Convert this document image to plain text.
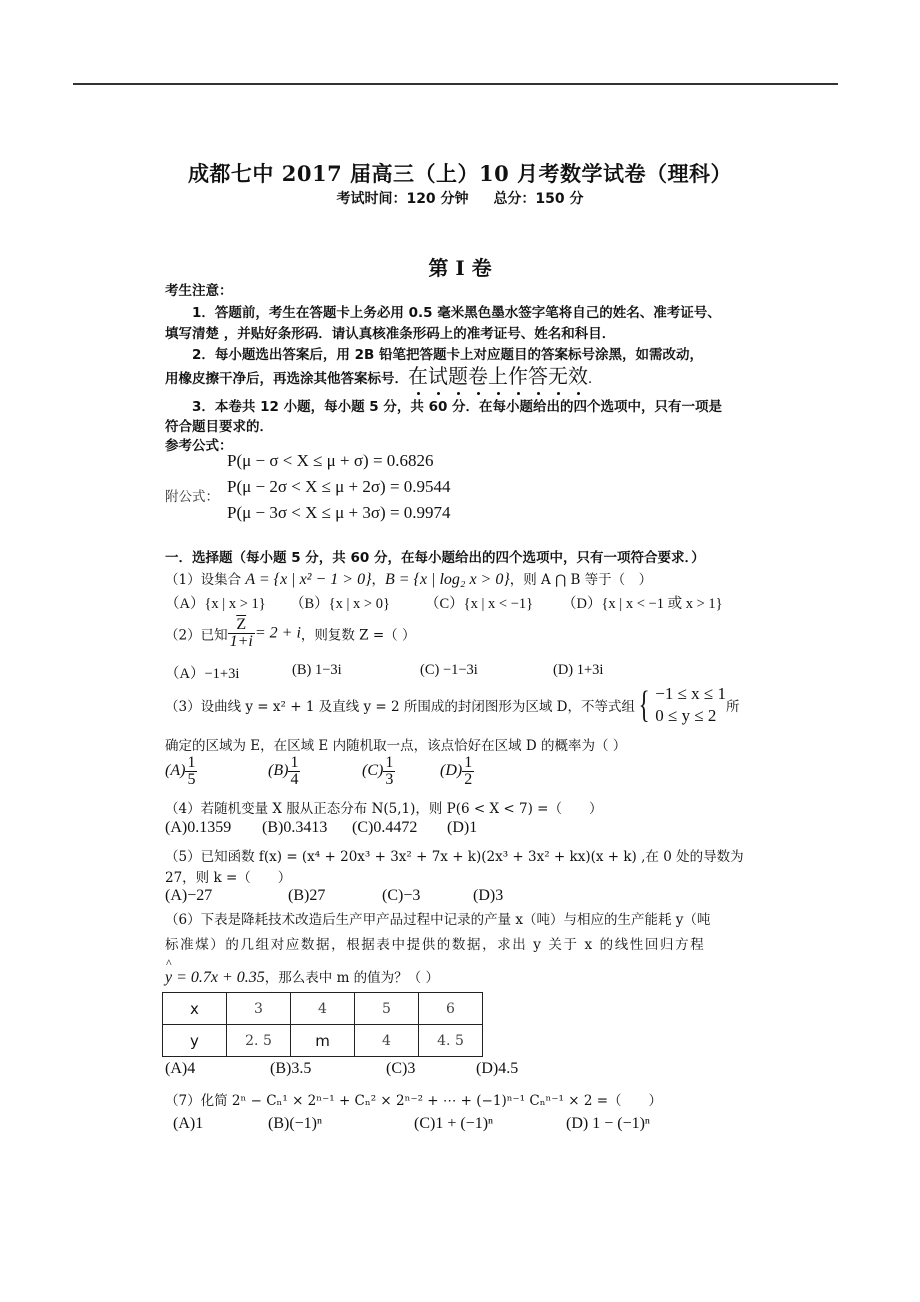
成都七中 2017 届高三（上）10 月考数学试卷（理科）
考试时间：120 分钟 总分：150 分
第 I 卷
考生注意：
1．答题前，考生在答题卡上务必用 0.5 毫米黑色墨水签字笔将自己的姓名、准考证号、
填写清楚 ，并贴好条形码．请认真核准条形码上的准考证号、姓名和科目．
2．每小题选出答案后，用 2B 铅笔把答题卡上对应题目的答案标号涂黑，如需改动，
用橡皮擦干净后，再选涂其他答案标号．在试题卷上作答无效．
3．本卷共 12 小题，每小题 5 分，共 60 分．在每小题给出的四个选项中，只有一项是
符合题目要求的．
参考公式：
P(μ − σ < X ≤ μ + σ) = 0.6826
附公式：
P(μ − 2σ < X ≤ μ + 2σ) = 0.9544
P(μ − 3σ < X ≤ μ + 3σ) = 0.9974
一．选择题（每小题 5 分，共 60 分，在每小题给出的四个选项中，只有一项符合要求．）
（1）设集合 A = {x | x² − 1 > 0}，B = {x | log₂ x > 0}，则 A ⋂ B 等于（　）
（A）{x | x > 1} （B）{x | x > 0} （C）{x | x < −1} （D）{x | x < −1 或 x > 1}
（2）已知 $\frac{\overline{Z}}{1+i} = 2 + i$，则复数 Z =（ ）
（A）−1+3i	(B) 1−3i	(C) −1−3i	(D) 1+3i
（3）设曲线 y = x² + 1 及直线 y = 2 所围成的封闭图形为区域 D，不等式组 { −1 ≤ x ≤ 1
0 ≤ y ≤ 2 所
确定的区域为 E，在区域 E 内随机取一点，该点恰好在区域 D 的概率为（ ）
$(A) \frac{1}{5}$	$(B) \frac{1}{4}$	$(C) \frac{1}{3}$	$(D) \frac{1}{2}$
（4）若随机变量 X 服从正态分布 N(5,1)，则 P(6 < X < 7) =（　　）
(A)0.1359 (B)0.3413 (C)0.4472 (D)1
（5）已知函数 f(x) = (x⁴ + 20x³ + 3x² + 7x + k)(2x³ + 3x² + kx)(x + k) ,在 0 处的导数为
27，则 k =（　　）
(A)−27	(B)27	(C)−3	(D)3
（6）下表是降耗技术改造后生产甲产品过程中记录的产量 x（吨）与相应的生产能耗 y（吨
标准煤）的几组对应数据，根据表中提供的数据，求出 y 关于 x 的线性回归方程
^ y = 0.7x + 0.35，那么表中 m 的值为？（ ）
x	3	4	5	6
y	2. 5	m	4	4. 5
(A)4	(B)3.5	(C)3	(D)4.5
（7）化简 2ⁿ − Cₙ¹ × 2ⁿ⁻¹ + Cₙ² × 2ⁿ⁻² + ⋯ + (−1)ⁿ⁻¹ Cₙⁿ⁻¹ × 2 =（　　）
(A)1	(B)(−1)ⁿ	(C)1 + (−1)ⁿ	(D) 1 − (−1)ⁿ
